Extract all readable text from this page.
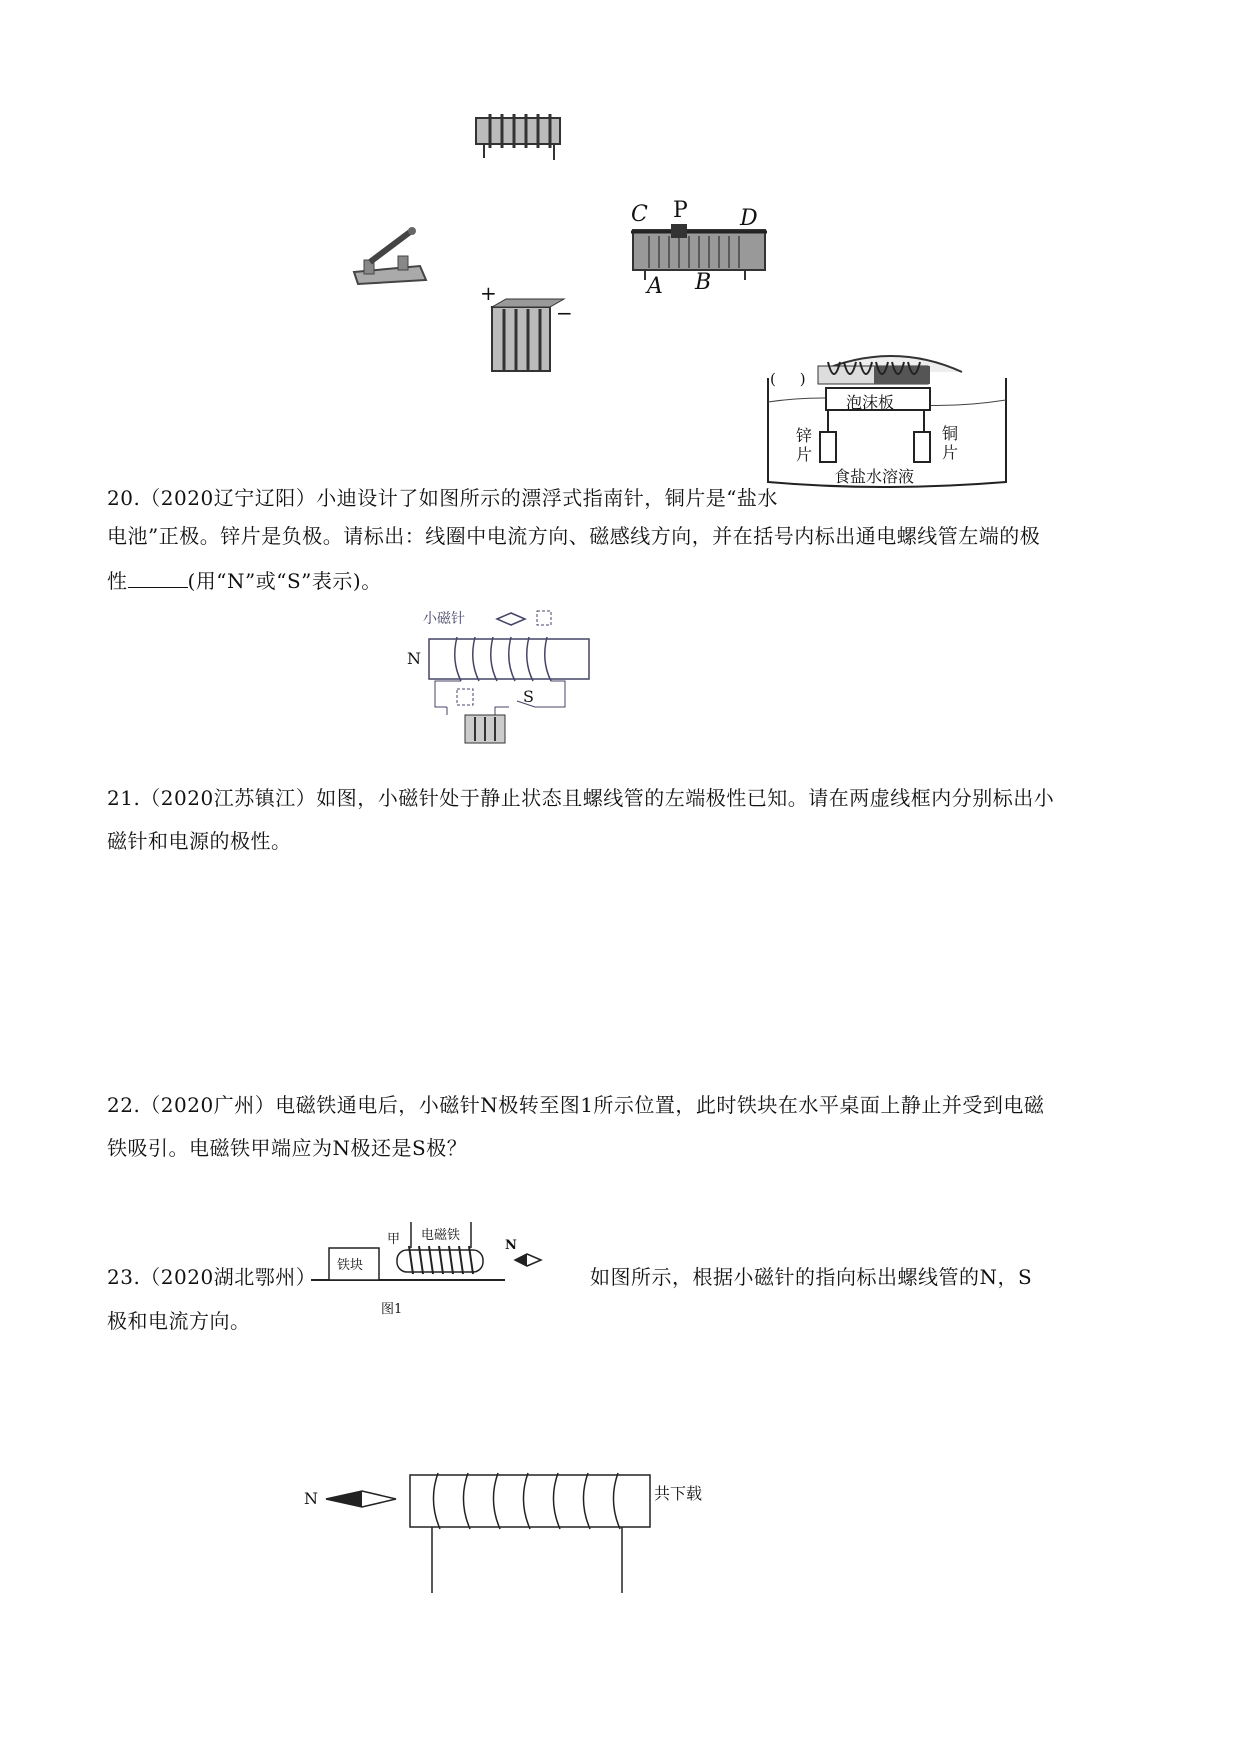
C P D
A B
+
−
(     )
泡沫板
锌片
铜片
食盐水溶液
20.（2020辽宁辽阳）小迪设计了如图所示的漂浮式指南针，铜片是“盐水
电池”正极。锌片是负极。请标出：线圈中电流方向、磁感线方向，并在括号内标出通电螺线管左端的极
性	(用“N”或“S”表示)。
小磁针
N
S
21.（2020江苏镇江）如图，小磁针处于静止状态且螺线管的左端极性已知。请在两虚线框内分别标出小
磁针和电源的极性。
22.（2020广州）电磁铁通电后，小磁针N极转至图1所示位置，此时铁块在水平桌面上静止并受到电磁
铁吸引。电磁铁甲端应为N极还是S极？
铁块
甲 电磁铁
N
图1
23.（2020湖北鄂州）	如图所示，根据小磁针的指向标出螺线管的N，S
极和电流方向。
N	共下载
